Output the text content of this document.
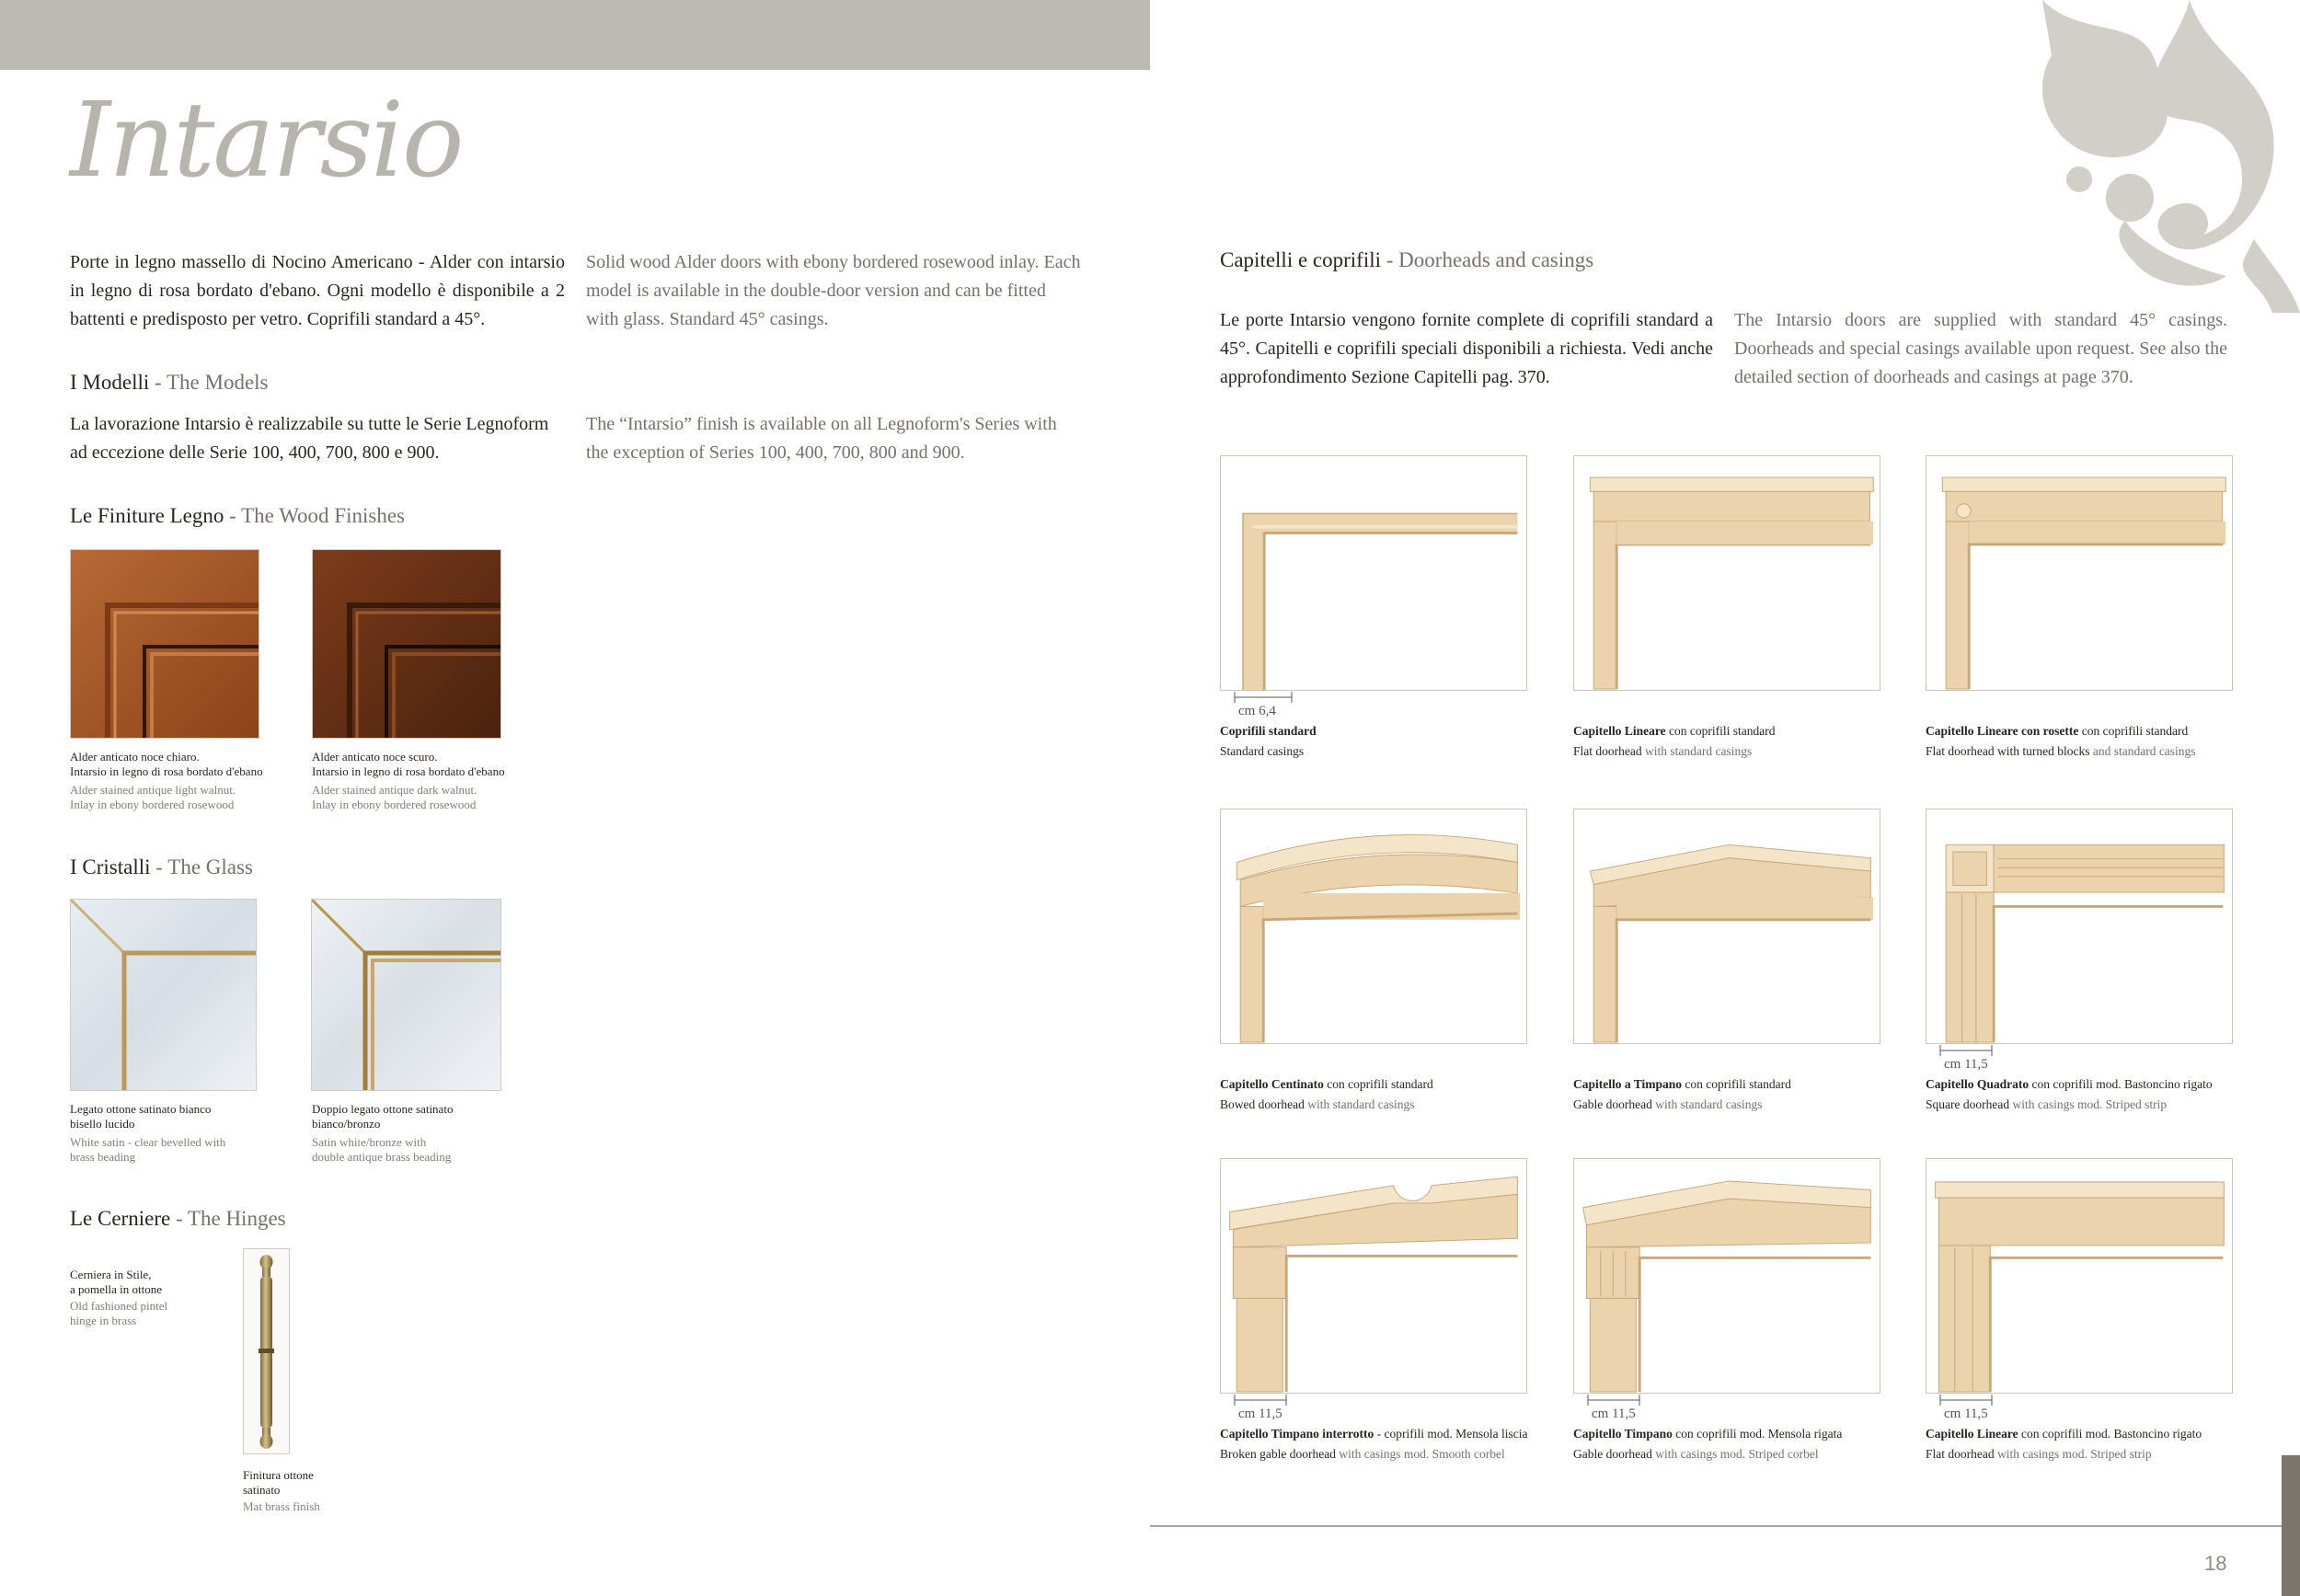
Intarsio
Porte in legno massello di Nocino Americano - Alder con intarsio in legno di rosa bordato d'ebano. Ogni modello è disponibile a 2 battenti e predisposto per vetro. Coprifili standard a 45°.
Solid wood Alder doors with ebony bordered rosewood inlay. Each model is available in the double-door version and can be fitted with glass. Standard 45° casings.
I Modelli - The Models
La lavorazione Intarsio è realizzabile su tutte le Serie Legnoform ad eccezione delle Serie 100, 400, 700, 800 e 900.
The “Intarsio” finish is available on all Legnoform's Series with the exception of Series 100, 400, 700, 800 and 900.
Le Finiture Legno - The Wood Finishes
Alder anticato noce chiaro.
Intarsio in legno di rosa bordato d'ebano
Alder stained antique light walnut.
Inlay in ebony bordered rosewood
Alder anticato noce scuro.
Intarsio in legno di rosa bordato d'ebano
Alder stained antique dark walnut.
Inlay in ebony bordered rosewood
I Cristalli - The Glass
Legato ottone satinato bianco
bisello lucido
White satin - clear bevelled with
brass beading
Doppio legato ottone satinato
bianco/bronzo
Satin white/bronze with
double antique brass beading
Le Cerniere - The Hinges
Cerniera in Stile,
a pomella in ottone
Old fashioned pintel
hinge in brass
Finitura ottone
satinato
Mat brass finish
Capitelli e coprifili - Doorheads and casings
Le porte Intarsio vengono fornite complete di coprifili standard a 45°. Capitelli e coprifili speciali disponibili a richiesta. Vedi anche approfondimento Sezione Capitelli pag. 370.
The Intarsio doors are supplied with standard 45° casings. Doorheads and special casings available upon request. See also the detailed section of doorheads and casings at page 370.
cm 6,4
Coprifili standard
Standard casings
Capitello Lineare con coprifili standard
Flat doorhead with standard casings
Capitello Lineare con rosette con coprifili standard
Flat doorhead with turned blocks and standard casings
Capitello Centinato con coprifili standard
Bowed doorhead with standard casings
Capitello a Timpano con coprifili standard
Gable doorhead with standard casings
cm 11,5
Capitello Quadrato con coprifili mod. Bastoncino rigato
Square doorhead with casings mod. Striped strip
cm 11,5
Capitello Timpano interrotto - coprifili mod. Mensola liscia
Broken gable doorhead with casings mod. Smooth corbel
cm 11,5
Capitello Timpano con coprifili mod. Mensola rigata
Gable doorhead with casings mod. Striped corbel
cm 11,5
Capitello Lineare con coprifili mod. Bastoncino rigato
Flat doorhead with casings mod. Striped strip
18
